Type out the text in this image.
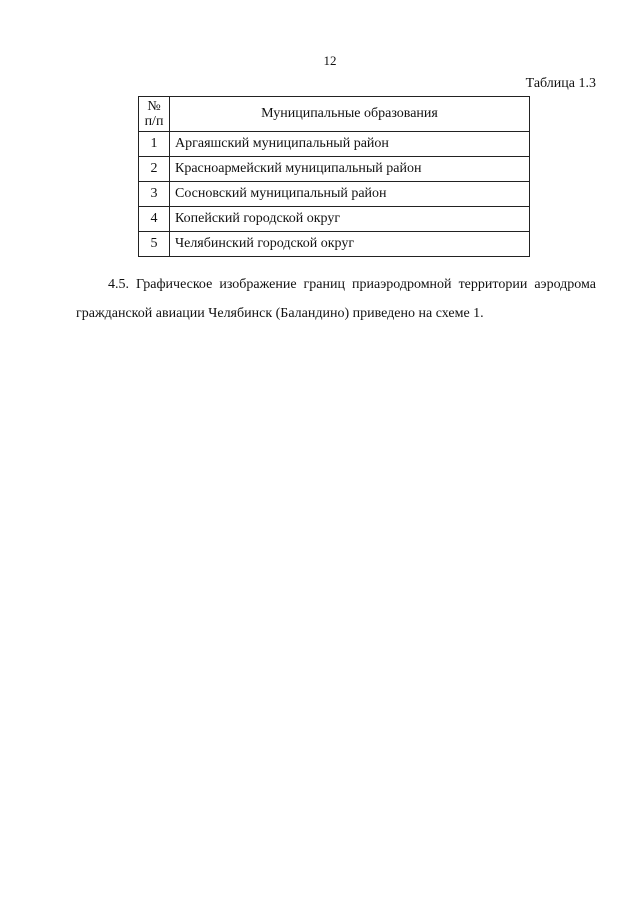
12
Таблица 1.3
№
п/п	Муниципальные образования
1	Аргаяшский муниципальный район
2	Красноармейский муниципальный район
3	Сосновский муниципальный район
4	Копейский городской округ
5	Челябинский городской округ
4.5. Графическое изображение границ приаэродромной территории аэродрома гражданской авиации Челябинск (Баландино) приведено на схеме 1.
